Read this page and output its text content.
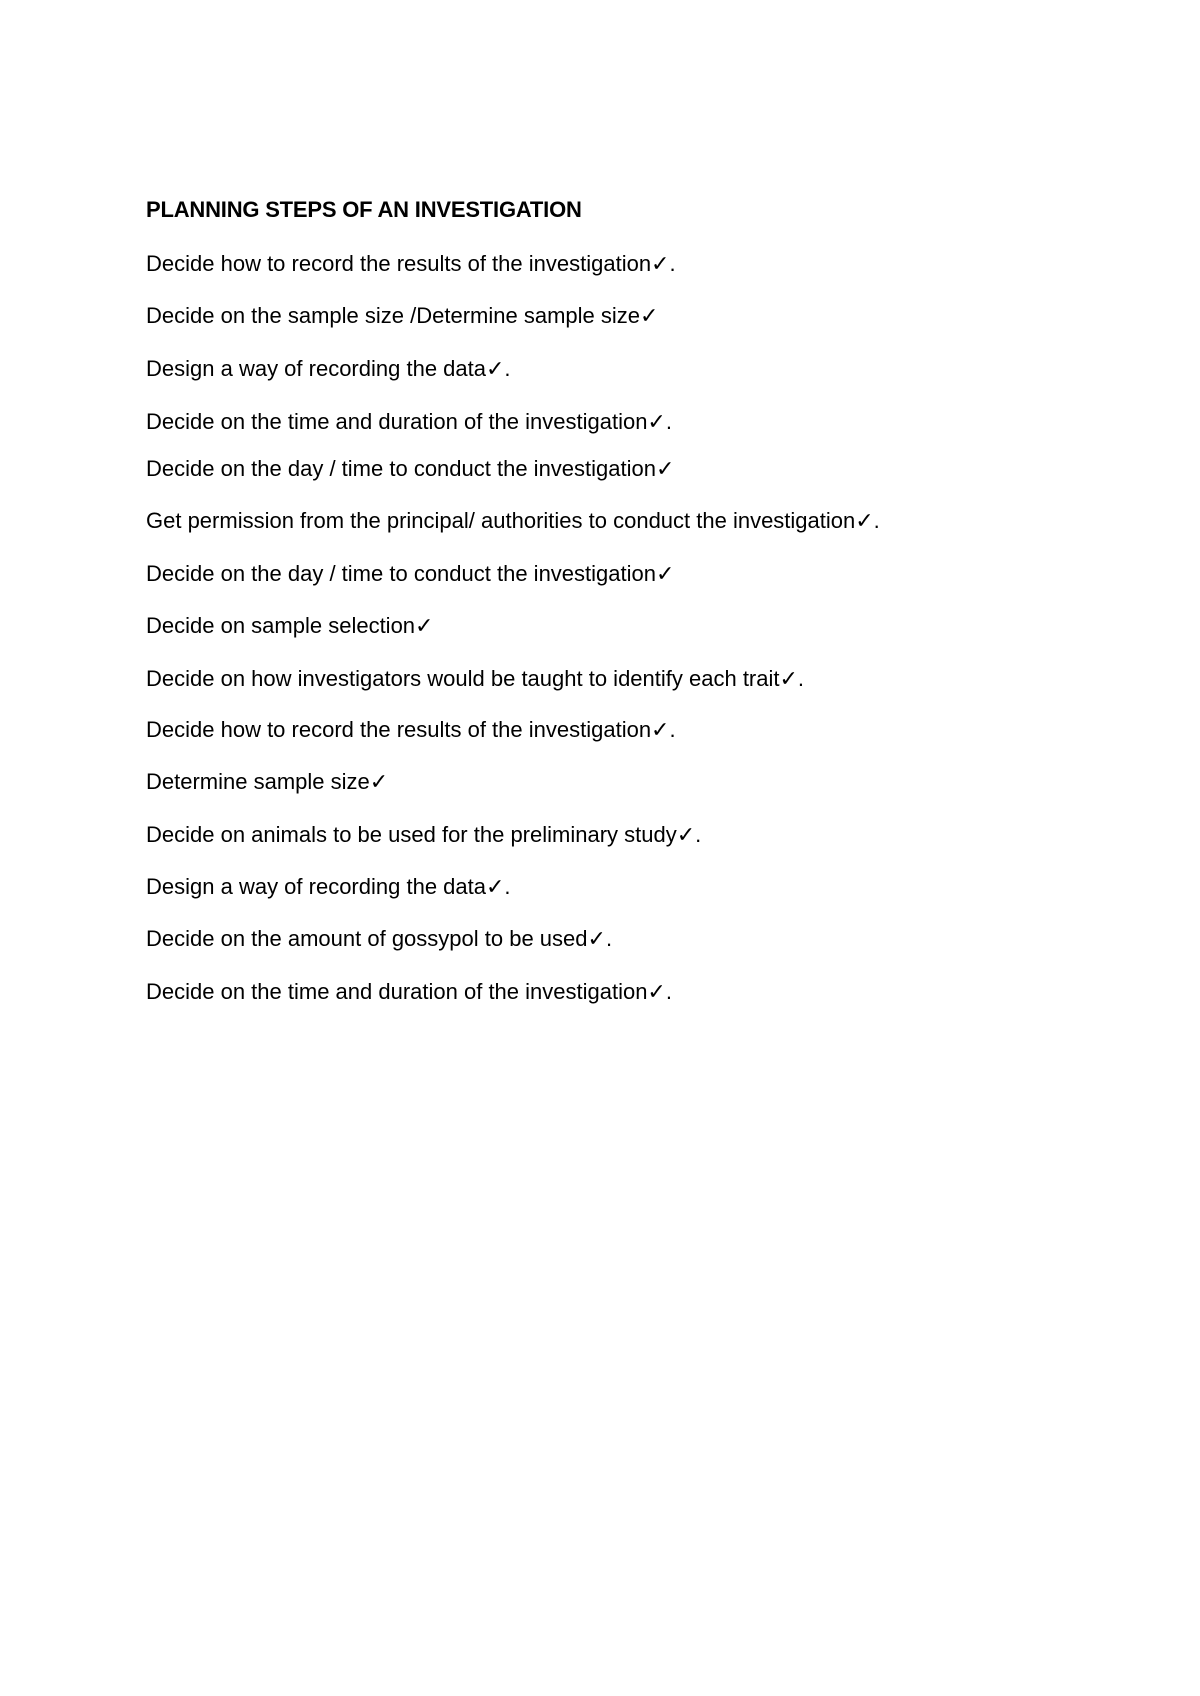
PLANNING STEPS OF AN INVESTIGATION

Decide how to record the results of the investigation✓.

Decide on the sample size /Determine sample size✓

Design a way of recording the data✓.

Decide on the time and duration of the investigation✓.

Decide on the day / time to conduct the investigation✓

Get permission from the principal/ authorities to conduct the investigation✓.

Decide on the day / time to conduct the investigation✓

Decide on sample selection✓

Decide on how investigators would be taught to identify each trait✓.

Decide how to record the results of the investigation✓.

Determine sample size✓

Decide on animals to be used for the preliminary study✓.

Design a way of recording the data✓.

Decide on the amount of gossypol to be used✓.

Decide on the time and duration of the investigation✓.
